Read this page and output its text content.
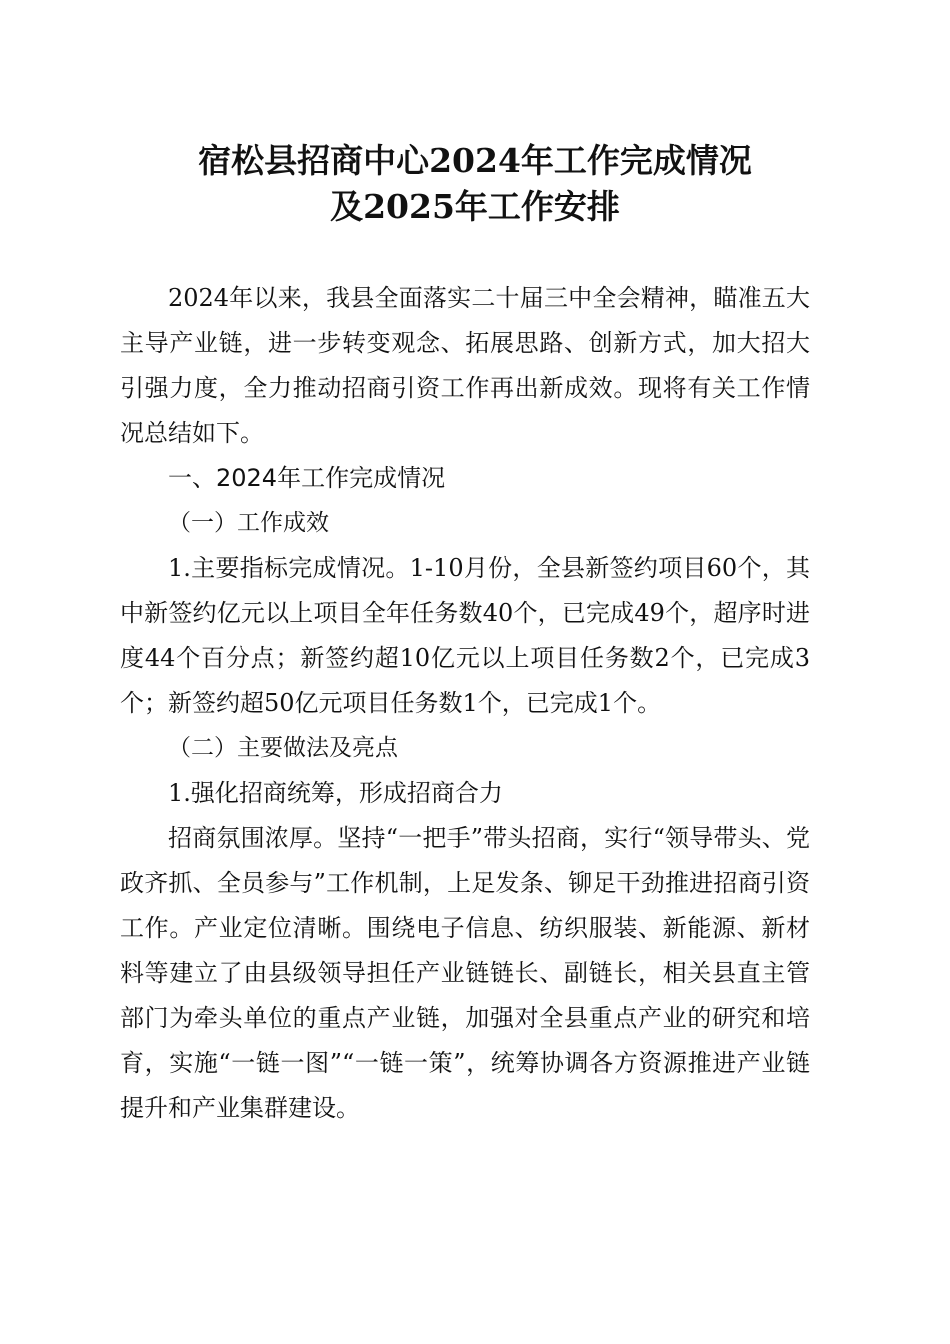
宿松县招商中心2024年工作完成情况
及2025年工作安排

2024年以来，我县全面落实二十届三中全会精神，瞄准五大主导产业链，进一步转变观念、拓展思路、创新方式，加大招大引强力度，全力推动招商引资工作再出新成效。现将有关工作情况总结如下。

一、2024年工作完成情况

（一）工作成效

1.主要指标完成情况。1-10月份，全县新签约项目60个，其中新签约亿元以上项目全年任务数40个，已完成49个，超序时进度44个百分点；新签约超10亿元以上项目任务数2个，已完成3个；新签约超50亿元项目任务数1个，已完成1个。

（二）主要做法及亮点

1.强化招商统筹，形成招商合力

招商氛围浓厚。坚持“一把手”带头招商，实行“领导带头、党政齐抓、全员参与”工作机制，上足发条、铆足干劲推进招商引资工作。产业定位清晰。围绕电子信息、纺织服装、新能源、新材料等建立了由县级领导担任产业链链长、副链长，相关县直主管部门为牵头单位的重点产业链，加强对全县重点产业的研究和培育，实施“一链一图”“一链一策”，统筹协调各方资源推进产业链提升和产业集群建设。
